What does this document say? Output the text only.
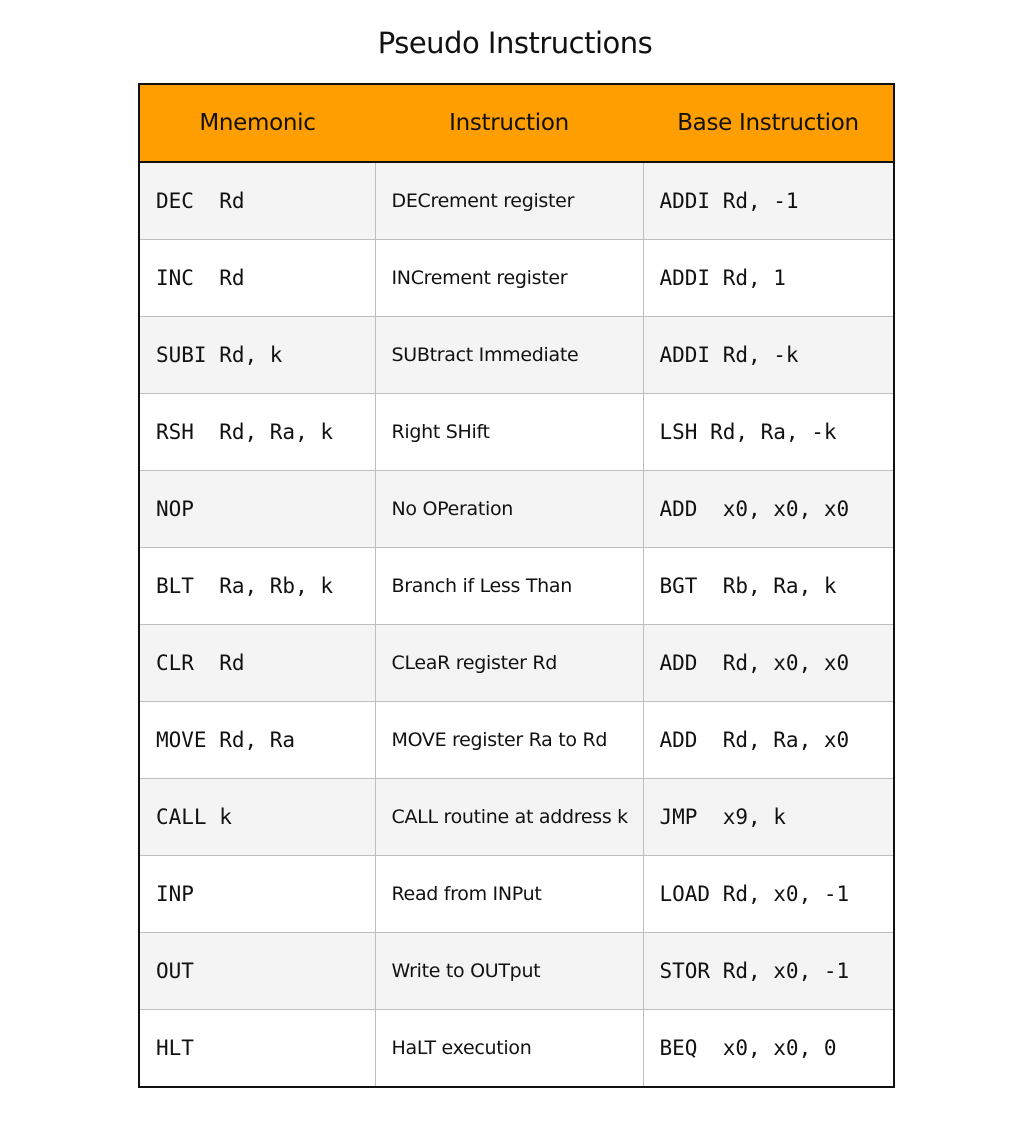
Pseudo Instructions
Mnemonic	Instruction	Base Instruction
DEC  Rd	DECrement register	ADDI Rd, -1
INC  Rd	INCrement register	ADDI Rd, 1
SUBI Rd, k	SUBtract Immediate	ADDI Rd, -k
RSH  Rd, Ra, k	Right SHift	LSH Rd, Ra, -k
NOP	No OPeration	ADD  x0, x0, x0
BLT  Ra, Rb, k	Branch if Less Than	BGT  Rb, Ra, k
CLR  Rd	CLeaR register Rd	ADD  Rd, x0, x0
MOVE Rd, Ra	MOVE register Ra to Rd	ADD  Rd, Ra, x0
CALL k	CALL routine at address k	JMP  x9, k
INP	Read from INPut	LOAD Rd, x0, -1
OUT	Write to OUTput	STOR Rd, x0, -1
HLT	HaLT execution	BEQ  x0, x0, 0
